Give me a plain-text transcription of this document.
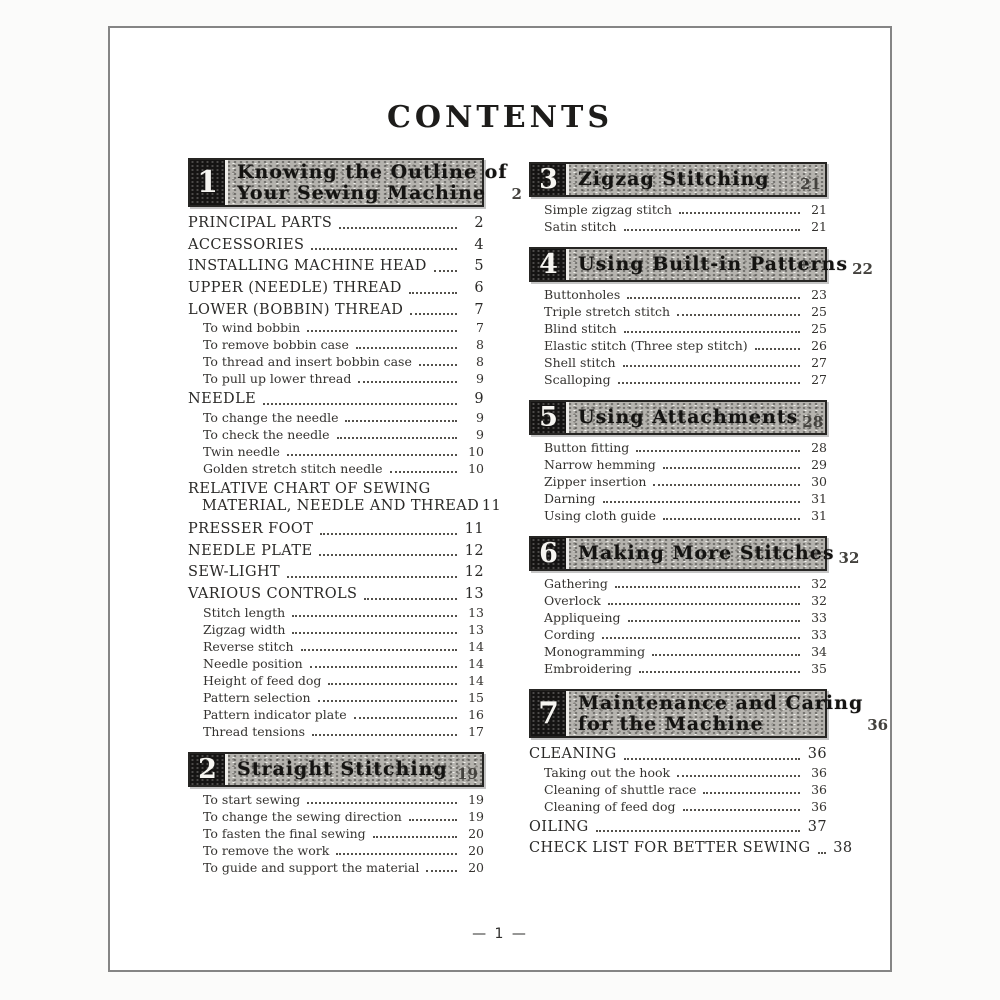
CONTENTS
1 Knowing the Outline of
Your Sewing Machine	2
PRINCIPAL PARTS	2
ACCESSORIES	4
INSTALLING MACHINE HEAD	5
UPPER (NEEDLE) THREAD	6
LOWER (BOBBIN) THREAD	7
To wind bobbin	7
To remove bobbin case	8
To thread and insert bobbin case	8
To pull up lower thread	9
NEEDLE	9
To change the needle	9
To check the needle	9
Twin needle	10
Golden stretch stitch needle	10
RELATIVE CHART OF SEWING
MATERIAL, NEEDLE AND THREAD 11
PRESSER FOOT	11
NEEDLE PLATE	12
SEW-LIGHT	12
VARIOUS CONTROLS	13
Stitch length	13
Zigzag width	13
Reverse stitch	14
Needle position	14
Height of feed dog	14
Pattern selection	15
Pattern indicator plate	16
Thread tensions	17
2 Straight Stitching 19
To start sewing	19
To change the sewing direction	19
To fasten the final sewing	20
To remove the work	20
To guide and support the material	20
3 Zigzag Stitching	21
Simple zigzag stitch	21
Satin stitch	21
4 Using Built-in Patterns 22
Buttonholes	23
Triple stretch stitch	25
Blind stitch	25
Elastic stitch (Three step stitch)	26
Shell stitch	27
Scalloping	27
5 Using Attachments 28
Button fitting	28
Narrow hemming	29
Zipper insertion	30
Darning	31
Using cloth guide	31
6 Making More Stitches 32
Gathering	32
Overlock	32
Appliqueing	33
Cording	33
Monogramming	34
Embroidering	35
7 Maintenance and Caring
for the Machine	36
CLEANING	36
Taking out the hook	36
Cleaning of shuttle race	36
Cleaning of feed dog	36
OILING	37
CHECK LIST FOR BETTER SEWING 38
— 1 —
